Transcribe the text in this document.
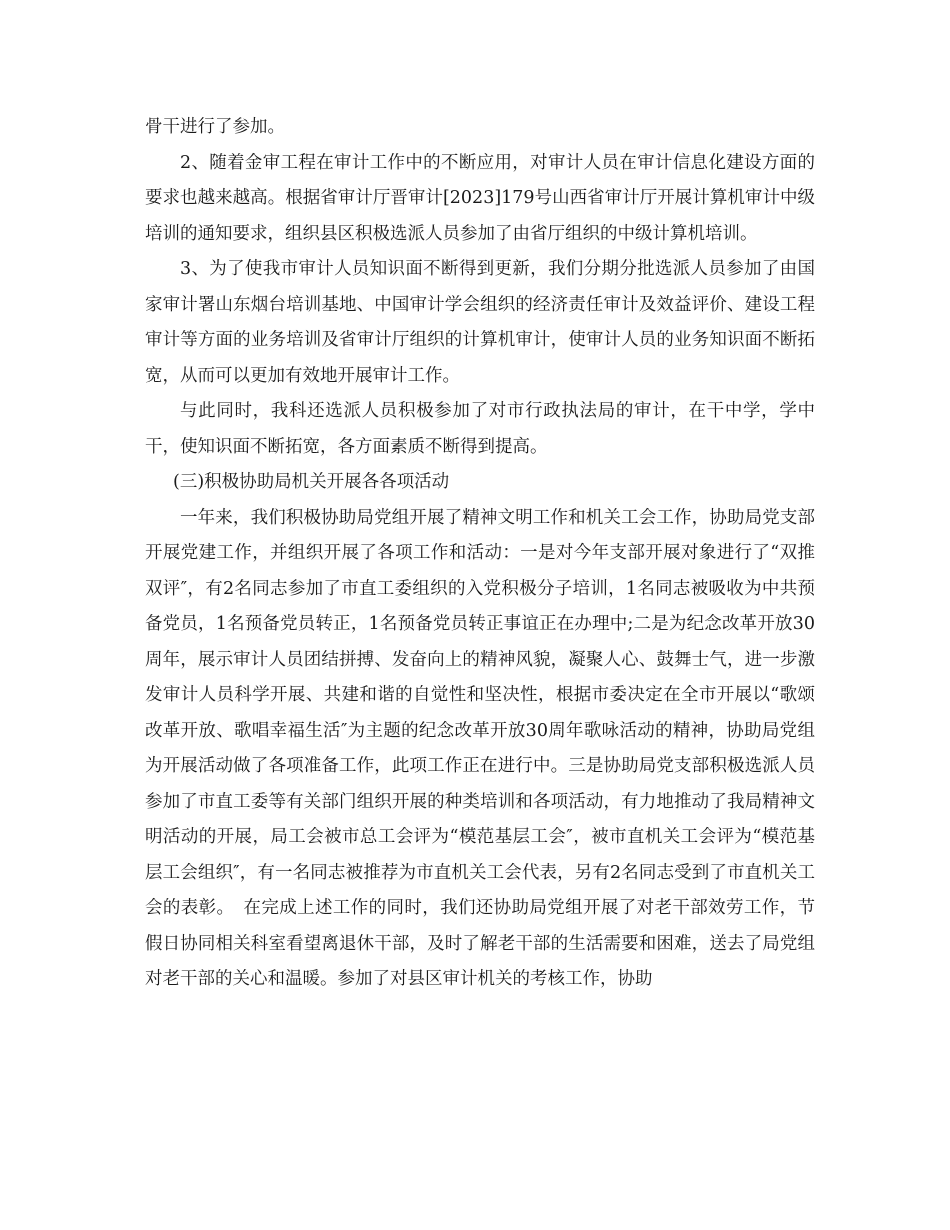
骨干进行了参加。

2、随着金审工程在审计工作中的不断应用，对审计人员在审计信息化建设方面的要求也越来越高。根据省审计厅晋审计[2023]179号山西省审计厅开展计算机审计中级培训的通知要求，组织县区积极选派人员参加了由省厅组织的中级计算机培训。

3、为了使我市审计人员知识面不断得到更新，我们分期分批选派人员参加了由国家审计署山东烟台培训基地、中国审计学会组织的经济责任审计及效益评价、建设工程审计等方面的业务培训及省审计厅组织的计算机审计，使审计人员的业务知识面不断拓宽，从而可以更加有效地开展审计工作。

与此同时，我科还选派人员积极参加了对市行政执法局的审计，在干中学，学中干，使知识面不断拓宽，各方面素质不断得到提高。

(三)积极协助局机关开展各各项活动

一年来，我们积极协助局党组开展了精神文明工作和机关工会工作，协助局党支部开展党建工作，并组织开展了各项工作和活动：一是对今年支部开展对象进行了“双推双评″，有2名同志参加了市直工委组织的入党积极分子培训，1名同志被吸收为中共预备党员，1名预备党员转正，1名预备党员转正事谊正在办理中;二是为纪念改革开放30周年，展示审计人员团结拼搏、发奋向上的精神风貌，凝聚人心、鼓舞士气，进一步激发审计人员科学开展、共建和谐的自觉性和坚决性，根据市委决定在全市开展以“歌颂改革开放、歌唱幸福生活″为主题的纪念改革开放30周年歌咏活动的精神，协助局党组为开展活动做了各项准备工作，此项工作正在进行中。三是协助局党支部积极选派人员参加了市直工委等有关部门组织开展的种类培训和各项活动，有力地推动了我局精神文明活动的开展，局工会被市总工会评为“模范基层工会″，被市直机关工会评为“模范基层工会组织″，有一名同志被推荐为市直机关工会代表，另有2名同志受到了市直机关工会的表彰。　在完成上述工作的同时，我们还协助局党组开展了对老干部效劳工作，节假日协同相关科室看望离退休干部，及时了解老干部的生活需要和困难，送去了局党组对老干部的关心和温暖。参加了对县区审计机关的考核工作，协助
